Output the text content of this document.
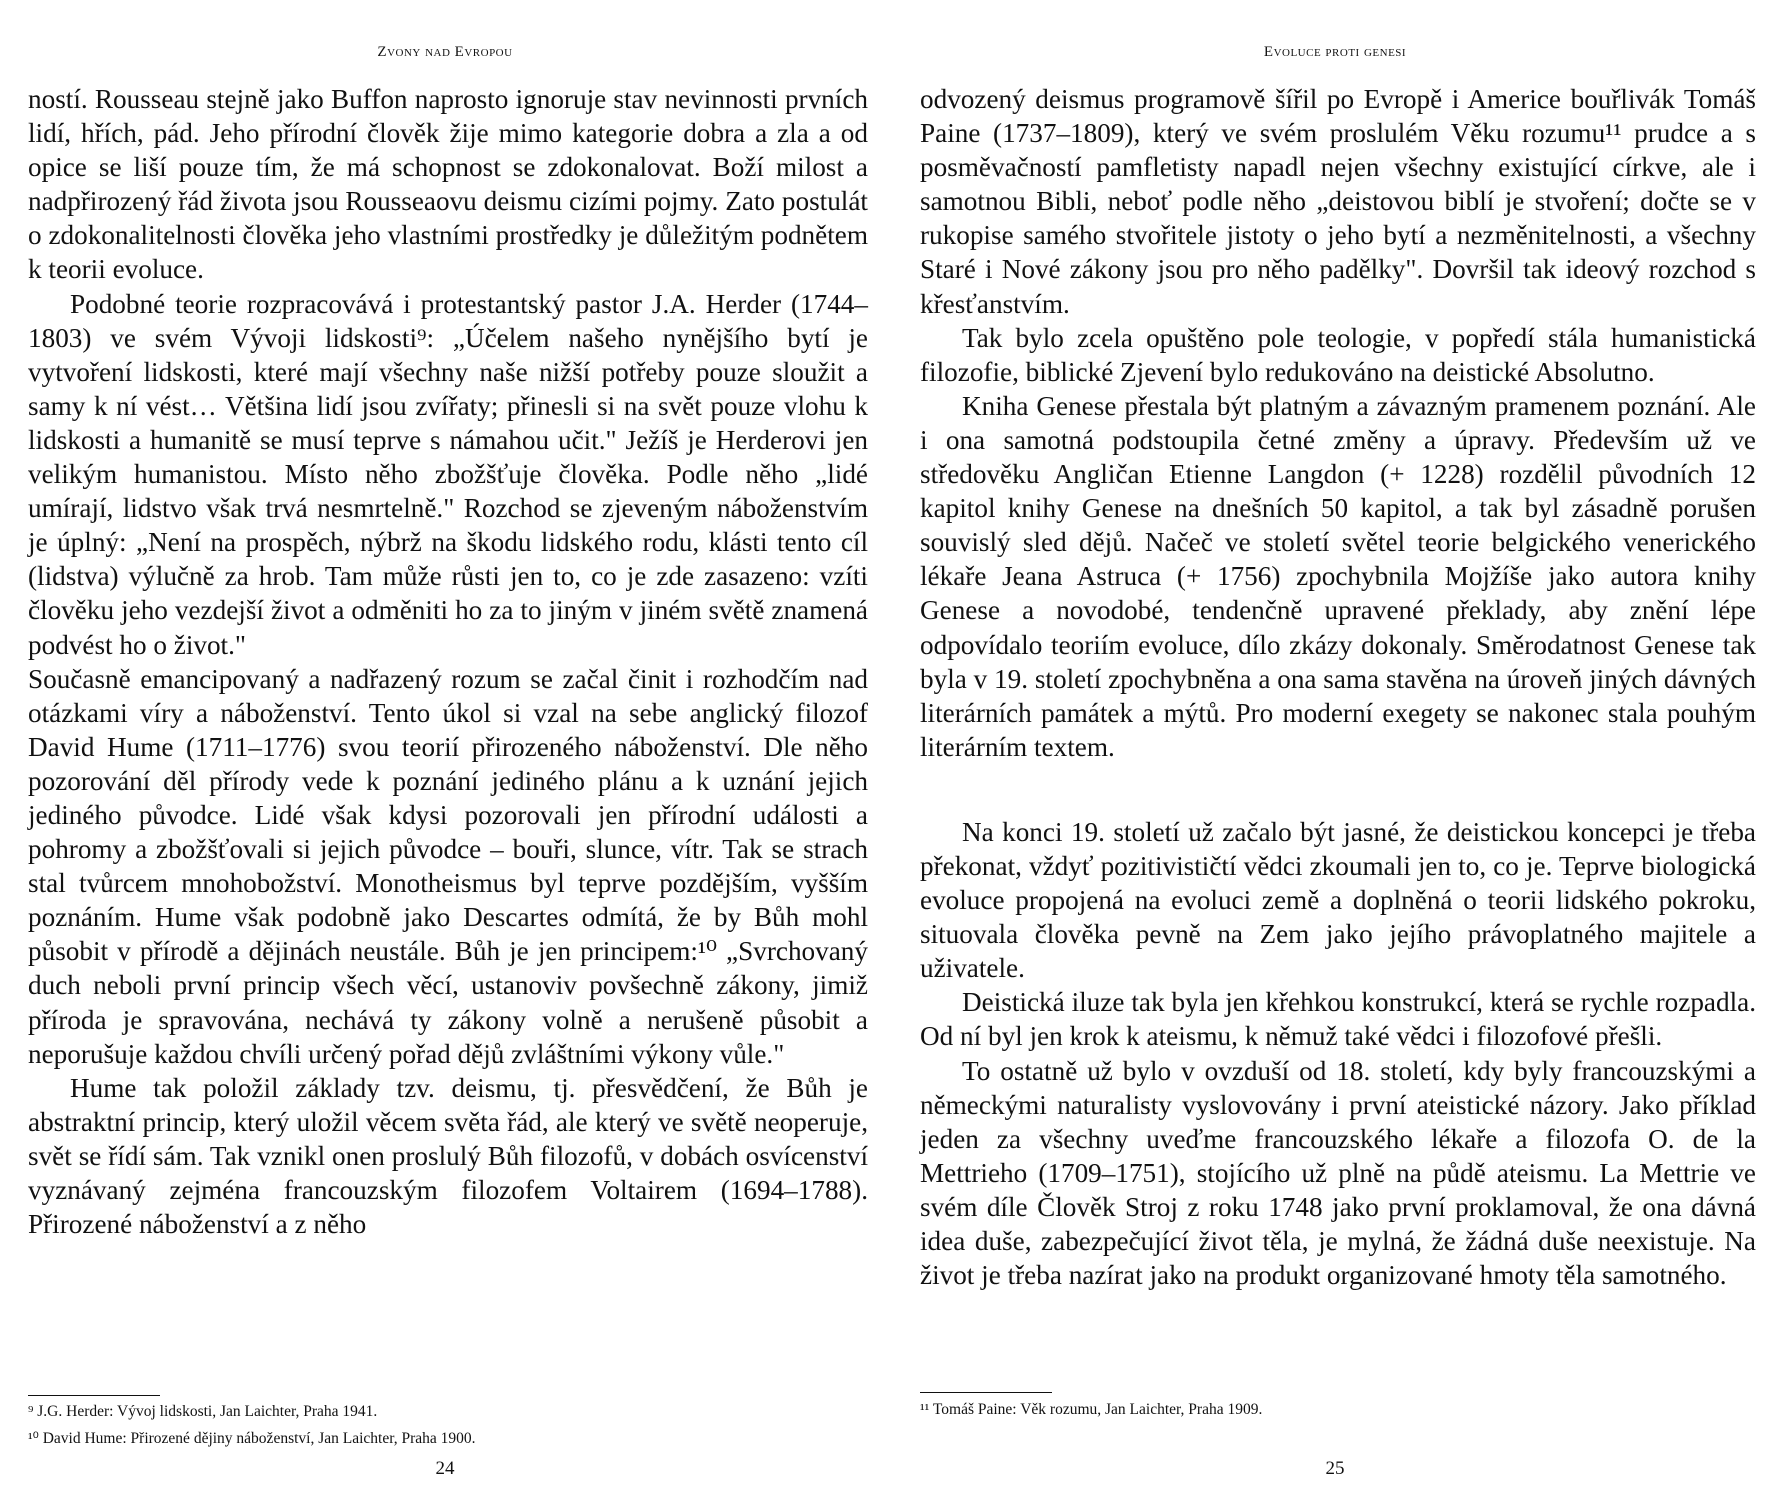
Zvony nad Evropou

ností. Rousseau stejně jako Buffon naprosto ignoruje stav nevinnosti prvních lidí, hřích, pád. Jeho přírodní člověk žije mimo kategorie dobra a zla a od opice se liší pouze tím, že má schopnost se zdokonalovat. Boží milost a nadpřirozený řád života jsou Rousseaovu deismu cizími pojmy. Zato postulát o zdokonalitelnosti člověka jeho vlastními prostředky je důležitým podnětem k teorii evoluce.

Podobné teorie rozpracovává i protestantský pastor J.A. Herder (1744–1803) ve svém Vývoji lidskosti⁹: „Účelem našeho nynějšího bytí je vytvoření lidskosti, které mají všechny naše nižší potřeby pouze sloužit a samy k ní vést… Většina lidí jsou zvířaty; přinesli si na svět pouze vlohu k lidskosti a humanitě se musí teprve s námahou učit." Ježíš je Herderovi jen velikým humanistou. Místo něho zbožšťuje člověka. Podle něho „lidé umírají, lidstvo však trvá nesmrtelně." Rozchod se zjeveným náboženstvím je úplný: „Není na prospěch, nýbrž na škodu lidského rodu, klásti tento cíl (lidstva) výlučně za hrob. Tam může růsti jen to, co je zde zasazeno: vzíti člověku jeho vezdejší život a odměniti ho za to jiným v jiném světě znamená podvést ho o život."

Současně emancipovaný a nadřazený rozum se začal činit i rozhodčím nad otázkami víry a náboženství. Tento úkol si vzal na sebe anglický filozof David Hume (1711–1776) svou teorií přirozeného náboženství. Dle něho pozorování děl přírody vede k poznání jediného plánu a k uznání jejich jediného původce. Lidé však kdysi pozorovali jen přírodní události a pohromy a zbožšťovali si jejich původce – bouři, slunce, vítr. Tak se strach stal tvůrcem mnohobožství. Monotheismus byl teprve pozdějším, vyšším poznáním. Hume však podobně jako Descartes odmítá, že by Bůh mohl působit v přírodě a dějinách neustále. Bůh je jen principem:¹⁰ „Svrchovaný duch neboli první princip všech věcí, ustanoviv povšechně zákony, jimiž příroda je spravována, nechává ty zákony volně a nerušeně působit a neporušuje každou chvíli určený pořad dějů zvláštními výkony vůle."

Hume tak položil základy tzv. deismu, tj. přesvědčení, že Bůh je abstraktní princip, který uložil věcem světa řád, ale který ve světě neoperuje, svět se řídí sám. Tak vznikl onen proslulý Bůh filozofů, v dobách osvícenství vyznávaný zejména francouzským filozofem Voltairem (1694–1788). Přirozené náboženství a z něho

⁹ J.G. Herder: Vývoj lidskosti, Jan Laichter, Praha 1941.

¹⁰ David Hume: Přirozené dějiny náboženství, Jan Laichter, Praha 1900.

24
Evoluce proti genesi

odvozený deismus programově šířil po Evropě i Americe bouřlivák Tomáš Paine (1737–1809), který ve svém proslulém Věku rozumu¹¹ prudce a s posměvačností pamfletisty napadl nejen všechny existující církve, ale i samotnou Bibli, neboť podle něho „deistovou biblí je stvoření; dočte se v rukopise samého stvořitele jistoty o jeho bytí a nezměnitelnosti, a všechny Staré i Nové zákony jsou pro něho padělky". Dovršil tak ideový rozchod s křesťanstvím.

Tak bylo zcela opuštěno pole teologie, v popředí stála humanistická filozofie, biblické Zjevení bylo redukováno na deistické Absolutno.

Kniha Genese přestala být platným a závazným pramenem poznání. Ale i ona samotná podstoupila četné změny a úpravy. Především už ve středověku Angličan Etienne Langdon (+ 1228) rozdělil původních 12 kapitol knihy Genese na dnešních 50 kapitol, a tak byl zásadně porušen souvislý sled dějů. Načeč ve století světel teorie belgického venerického lékaře Jeana Astruca (+ 1756) zpochybnila Mojžíše jako autora knihy Genese a novodobé, tendenčně upravené překlady, aby znění lépe odpovídalo teoriím evoluce, dílo zkázy dokonaly. Směrodatnost Genese tak byla v 19. století zpochybněna a ona sama stavěna na úroveň jiných dávných literárních památek a mýtů. Pro moderní exegety se nakonec stala pouhým literárním textem.

Na konci 19. století už začalo být jasné, že deistickou koncepci je třeba překonat, vždyť pozitivističtí vědci zkoumali jen to, co je. Teprve biologická evoluce propojená na evoluci země a doplněná o teorii lidského pokroku, situovala člověka pevně na Zem jako jejího právoplatného majitele a uživatele.

Deistická iluze tak byla jen křehkou konstrukcí, která se rychle rozpadla. Od ní byl jen krok k ateismu, k němuž také vědci i filozofové přešli.

To ostatně už bylo v ovzduší od 18. století, kdy byly francouzskými a německými naturalisty vyslovovány i první ateistické názory. Jako příklad jeden za všechny uveďme francouzského lékaře a filozofa O. de la Mettrieho (1709–1751), stojícího už plně na půdě ateismu. La Mettrie ve svém díle Člověk Stroj z roku 1748 jako první proklamoval, že ona dávná idea duše, zabezpečující život těla, je mylná, že žádná duše neexistuje. Na život je třeba nazírat jako na produkt organizované hmoty těla samotného.

¹¹ Tomáš Paine: Věk rozumu, Jan Laichter, Praha 1909.

25
